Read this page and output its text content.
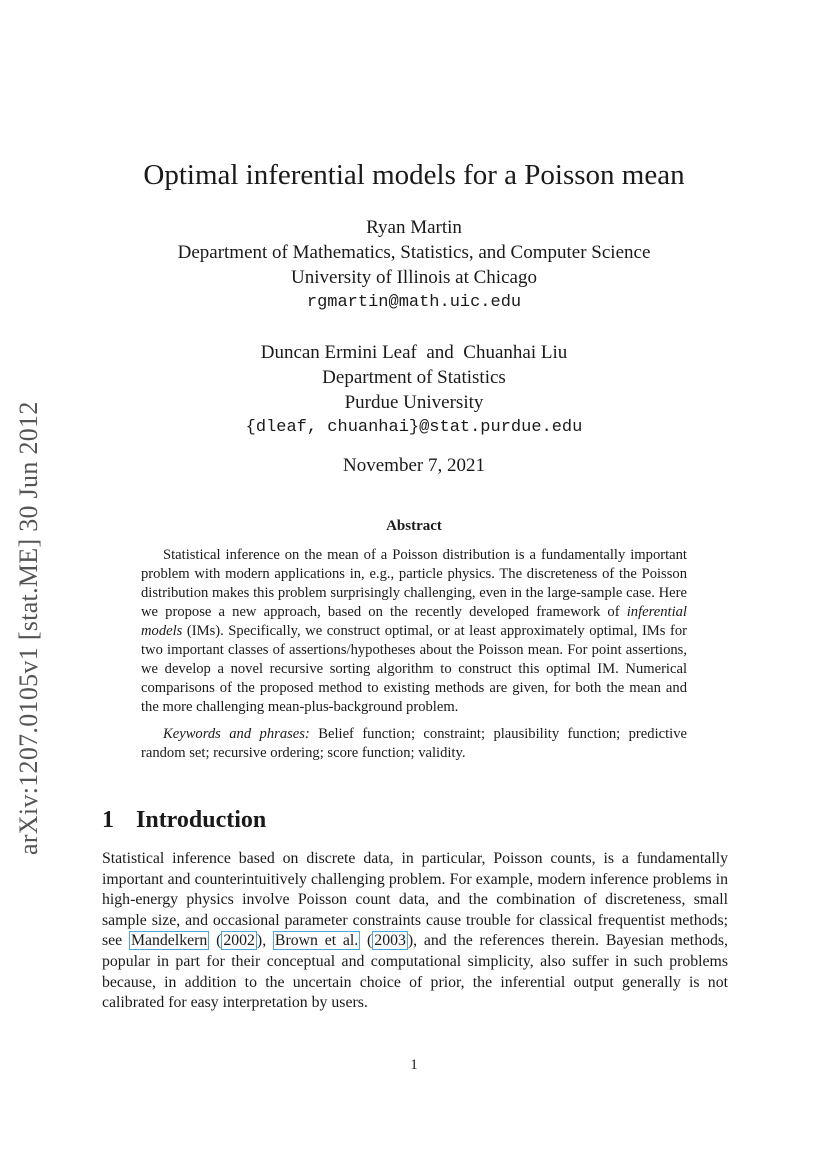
arXiv:1207.0105v1 [stat.ME] 30 Jun 2012
Optimal inferential models for a Poisson mean
Ryan Martin
Department of Mathematics, Statistics, and Computer Science
University of Illinois at Chicago
rgmartin@math.uic.edu
Duncan Ermini Leaf  and  Chuanhai Liu
Department of Statistics
Purdue University
{dleaf, chuanhai}@stat.purdue.edu
November 7, 2021
Abstract

Statistical inference on the mean of a Poisson distribution is a fundamentally important problem with modern applications in, e.g., particle physics. The discreteness of the Poisson distribution makes this problem surprisingly challenging, even in the large-sample case. Here we propose a new approach, based on the recently developed framework of inferential models (IMs). Specifically, we construct optimal, or at least approximately optimal, IMs for two important classes of assertions/hypotheses about the Poisson mean. For point assertions, we develop a novel recursive sorting algorithm to construct this optimal IM. Numerical comparisons of the proposed method to existing methods are given, for both the mean and the more challenging mean-plus-background problem.

Keywords and phrases: Belief function; constraint; plausibility function; predictive random set; recursive ordering; score function; validity.

1 Introduction

Statistical inference based on discrete data, in particular, Poisson counts, is a fundamentally important and counterintuitively challenging problem. For example, modern inference problems in high-energy physics involve Poisson count data, and the combination of discreteness, small sample size, and occasional parameter constraints cause trouble for classical frequentist methods; see Mandelkern ( 2002 ), Brown et al. ( 2003 ), and the references therein. Bayesian methods, popular in part for their conceptual and computational simplicity, also suffer in such problems because, in addition to the uncertain choice of prior, the inferential output generally is not calibrated for easy interpretation by users.

1
